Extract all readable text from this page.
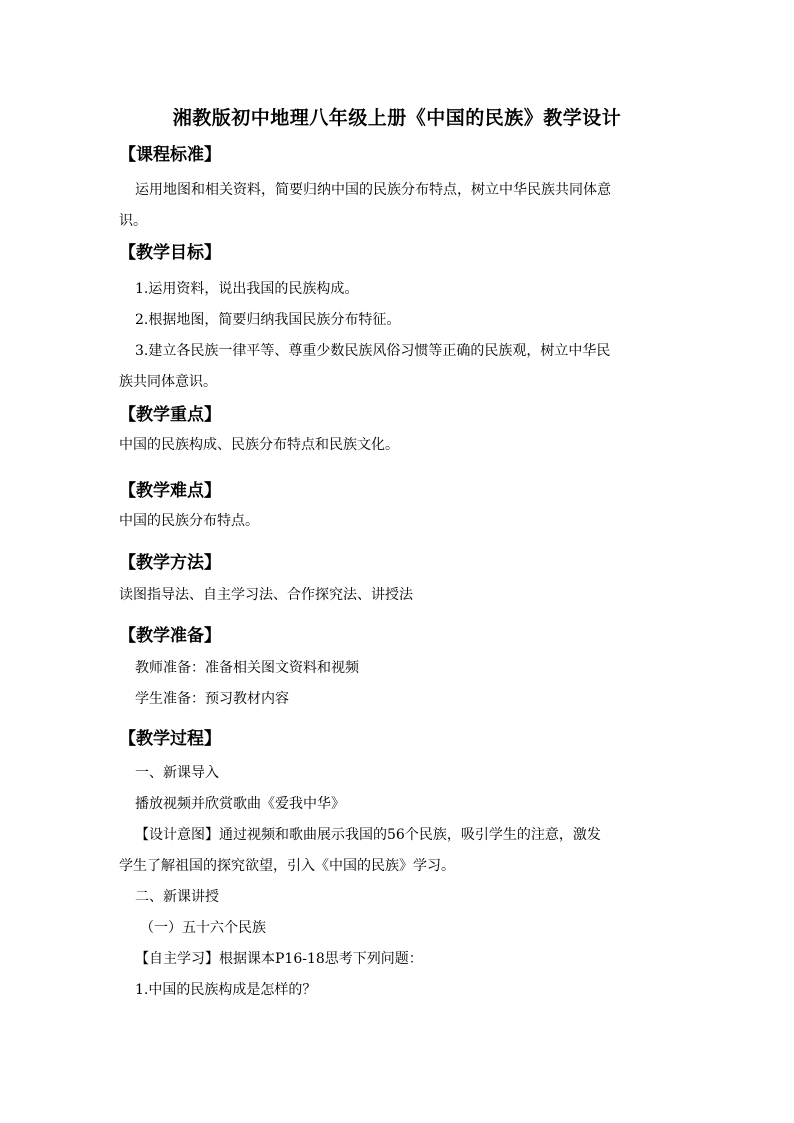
湘教版初中地理八年级上册《中国的民族》教学设计
【课程标准】
运用地图和相关资料，简要归纳中国的民族分布特点，树立中华民族共同体意
识。
【教学目标】
1.运用资料，说出我国的民族构成。
2.根据地图，简要归纳我国民族分布特征。
3.建立各民族一律平等、尊重少数民族风俗习惯等正确的民族观，树立中华民
族共同体意识。
【教学重点】
中国的民族构成、民族分布特点和民族文化。
【教学难点】
中国的民族分布特点。
【教学方法】
读图指导法、自主学习法、合作探究法、讲授法
【教学准备】
教师准备：准备相关图文资料和视频
学生准备：预习教材内容
【教学过程】
一、新课导入
播放视频并欣赏歌曲《爱我中华》
【设计意图】通过视频和歌曲展示我国的56个民族，吸引学生的注意，激发
学生了解祖国的探究欲望，引入《中国的民族》学习。
二、新课讲授
（一）五十六个民族
【自主学习】根据课本P16-18思考下列问题：
1.中国的民族构成是怎样的？
